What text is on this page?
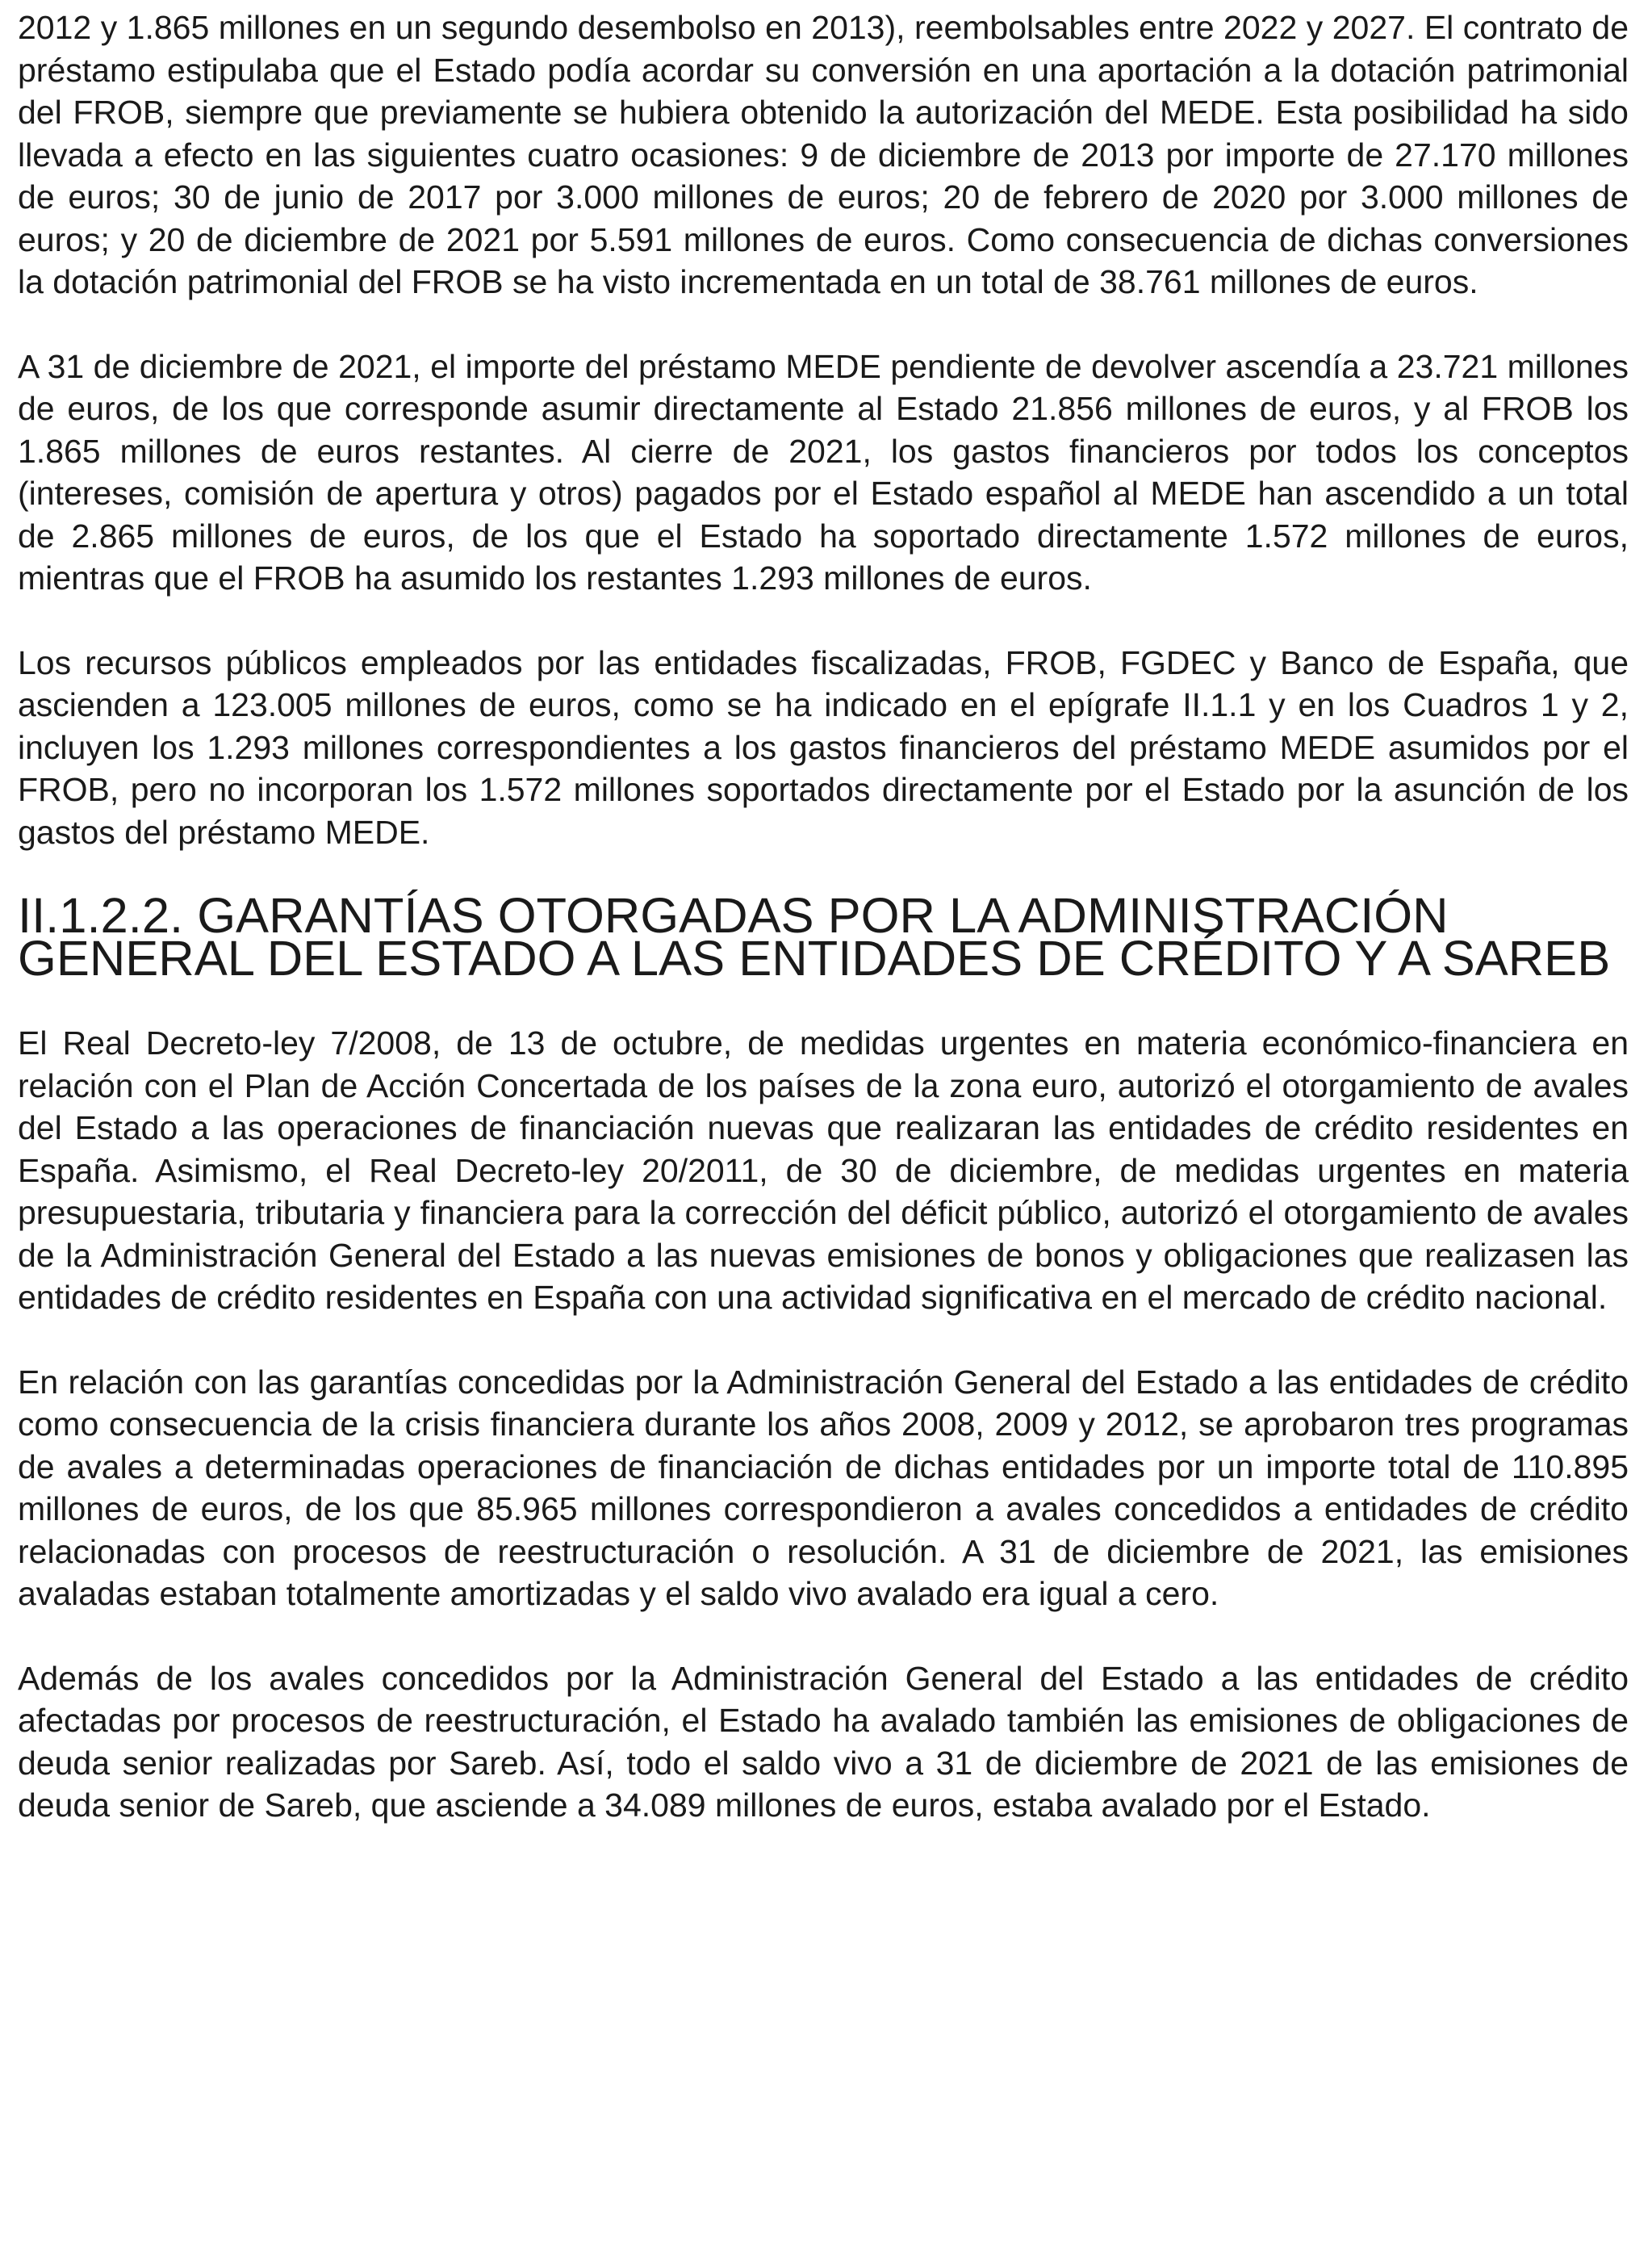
2012 y 1.865 millones en un segundo desembolso en 2013), reembolsables entre 2022 y 2027. El contrato de préstamo estipulaba que el Estado podía acordar su conversión en una aportación a la dotación patrimonial del FROB, siempre que previamente se hubiera obtenido la autorización del MEDE. Esta posibilidad ha sido llevada a efecto en las siguientes cuatro ocasiones: 9 de diciembre de 2013 por importe de 27.170 millones de euros; 30 de junio de 2017 por 3.000 millones de euros; 20 de febrero de 2020 por 3.000 millones de euros; y 20 de diciembre de 2021 por 5.591 millones de euros. Como consecuencia de dichas conversiones la dotación patrimonial del FROB se ha visto incrementada en un total de 38.761 millones de euros.

A 31 de diciembre de 2021, el importe del préstamo MEDE pendiente de devolver ascendía a 23.721 millones de euros, de los que corresponde asumir directamente al Estado 21.856 millones de euros, y al FROB los 1.865 millones de euros restantes. Al cierre de 2021, los gastos financieros por todos los conceptos (intereses, comisión de apertura y otros) pagados por el Estado español al MEDE han ascendido a un total de 2.865 millones de euros, de los que el Estado ha soportado directamente 1.572 millones de euros, mientras que el FROB ha asumido los restantes 1.293 millones de euros.

Los recursos públicos empleados por las entidades fiscalizadas, FROB, FGDEC y Banco de España, que ascienden a 123.005 millones de euros, como se ha indicado en el epígrafe II.1.1 y en los Cuadros 1 y 2, incluyen los 1.293 millones correspondientes a los gastos financieros del préstamo MEDE asumidos por el FROB, pero no incorporan los 1.572 millones soportados directamente por el Estado por la asunción de los gastos del préstamo MEDE.

II.1.2.2. GARANTÍAS OTORGADAS POR LA ADMINISTRACIÓN GENERAL DEL ESTADO A LAS ENTIDADES DE CRÉDITO Y A SAREB

El Real Decreto-ley 7/2008, de 13 de octubre, de medidas urgentes en materia económico-financiera en relación con el Plan de Acción Concertada de los países de la zona euro, autorizó el otorgamiento de avales del Estado a las operaciones de financiación nuevas que realizaran las entidades de crédito residentes en España. Asimismo, el Real Decreto-ley 20/2011, de 30 de diciembre, de medidas urgentes en materia presupuestaria, tributaria y financiera para la corrección del déficit público, autorizó el otorgamiento de avales de la Administración General del Estado a las nuevas emisiones de bonos y obligaciones que realizasen las entidades de crédito residentes en España con una actividad significativa en el mercado de crédito nacional.

En relación con las garantías concedidas por la Administración General del Estado a las entidades de crédito como consecuencia de la crisis financiera durante los años 2008, 2009 y 2012, se aprobaron tres programas de avales a determinadas operaciones de financiación de dichas entidades por un importe total de 110.895 millones de euros, de los que 85.965 millones correspondieron a avales concedidos a entidades de crédito relacionadas con procesos de reestructuración o resolución. A 31 de diciembre de 2021, las emisiones avaladas estaban totalmente amortizadas y el saldo vivo avalado era igual a cero.

Además de los avales concedidos por la Administración General del Estado a las entidades de crédito afectadas por procesos de reestructuración, el Estado ha avalado también las emisiones de obligaciones de deuda senior realizadas por Sareb. Así, todo el saldo vivo a 31 de diciembre de 2021 de las emisiones de deuda senior de Sareb, que asciende a 34.089 millones de euros, estaba avalado por el Estado.
